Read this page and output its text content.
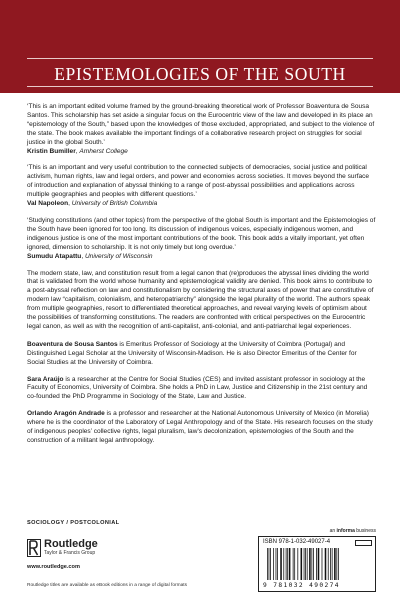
EPISTEMOLOGIES OF THE SOUTH
‘This is an important edited volume framed by the ground-breaking theoretical work of Professor Boaventura de Sousa Santos. This scholarship has set aside a singular focus on the Eurocentric view of the law and developed in its place an “epistemology of the South,” based upon the knowledges of those excluded, appropriated, and subject to the violence of the state. The book makes available the important findings of a collaborative research project on struggles for social justice in the global South.’
Kristin Bumiller, Amherst College
‘This is an important and very useful contribution to the connected subjects of democracies, social justice and political activism, human rights, law and legal orders, and power and economies across societies. It moves beyond the surface of introduction and explanation of abyssal thinking to a range of post-abyssal possibilities and applications across multiple geographies and peoples with different questions.’
Val Napoleon, University of British Columbia
‘Studying constitutions (and other topics) from the perspective of the global South is important and the Epistemologies of the South have been ignored for too long. Its discussion of indigenous voices, especially indigenous women, and indigenous justice is one of the most important contributions of the book. This book adds a vitally important, yet often ignored, dimension to scholarship. It is not only timely but long overdue.’
Sumudu Atapattu, University of Wisconsin

The modern state, law, and constitution result from a legal canon that (re)produces the abyssal lines dividing the world that is validated from the world whose humanity and epistemological validity are denied. This book aims to contribute to a post-abyssal reflection on law and constitutionalism by considering the structural axes of power that are constitutive of modern law “capitalism, colonialism, and heteropatriarchy” alongside the legal plurality of the world. The authors speak from multiple geographies, resort to differentiated theoretical approaches, and reveal varying levels of optimism about the possibilities of transforming constitutions. The readers are confronted with critical perspectives on the Eurocentric legal canon, as well as with the recognition of anti-capitalist, anti-colonial, and anti-patriarchal legal experiences.

Boaventura de Sousa Santos is Emeritus Professor of Sociology at the University of Coimbra (Portugal) and Distinguished Legal Scholar at the University of Wisconsin-Madison. He is also Director Emeritus of the Center for Social Studies at the University of Coimbra.

Sara Araújo is a researcher at the Centre for Social Studies (CES) and invited assistant professor in sociology at the Faculty of Economics, University of Coimbra. She holds a PhD in Law, Justice and Citizenship in the 21st century and co-founded the PhD Programme in Sociology of the State, Law and Justice.

Orlando Aragón Andrade is a professor and researcher at the National Autonomous University of Mexico (in Morelia) where he is the coordinator of the Laboratory of Legal Anthropology and of the State. His research focuses on the study of indigenous peoples’ collective rights, legal pluralism, law’s decolonization, epistemologies of the South and the construction of a militant legal anthropology.

SOCIOLOGY / POSTCOLONIAL
Routledge
Taylor & Francis Group
www.routledge.com
Routledge titles are available as eBook editions in a range of digital formats
an informa business
ISBN 978-1-032-49027-4
9 781032 490274
